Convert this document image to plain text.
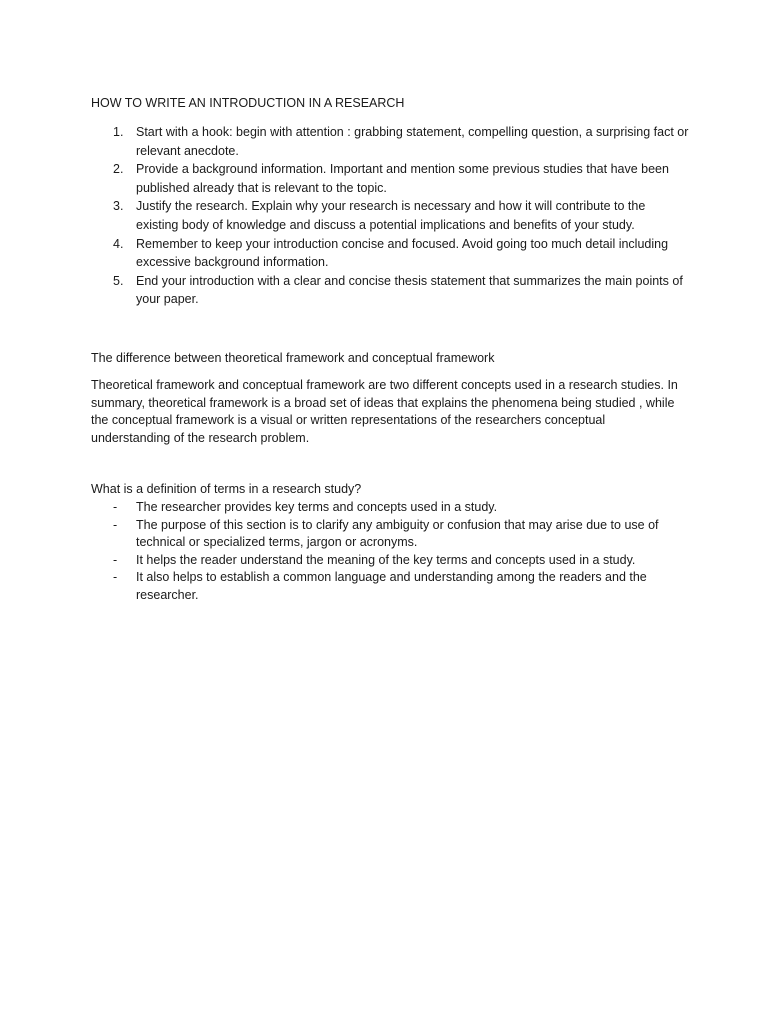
HOW TO WRITE AN INTRODUCTION IN A RESEARCH

1. Start with a hook: begin with attention : grabbing statement, compelling question, a surprising fact or relevant anecdote.
2. Provide a background information. Important and mention some previous studies that have been published already that is relevant to the topic.
3. Justify the research. Explain why your research is necessary and how it will contribute to the existing body of knowledge and discuss a potential implications and benefits of your study.
4. Remember to keep your introduction concise and focused. Avoid going too much detail including excessive background information.
5. End your introduction with a clear and concise thesis statement that summarizes the main points of your paper.

The difference between theoretical framework and conceptual framework

Theoretical framework and conceptual framework are two different concepts used in a research studies. In summary, theoretical framework is a broad set of ideas that explains the phenomena being studied , while the conceptual framework is a visual or written representations of the researchers conceptual understanding of the research problem.

What is a definition of terms in a research study?

- The researcher provides key terms and concepts used in a study.
- The purpose of this section is to clarify any ambiguity or confusion that may arise due to use of technical or specialized terms, jargon or acronyms.
- It helps the reader understand the meaning of the key terms and concepts used in a study.
- It also helps to establish a common language and understanding among the readers and the researcher.
